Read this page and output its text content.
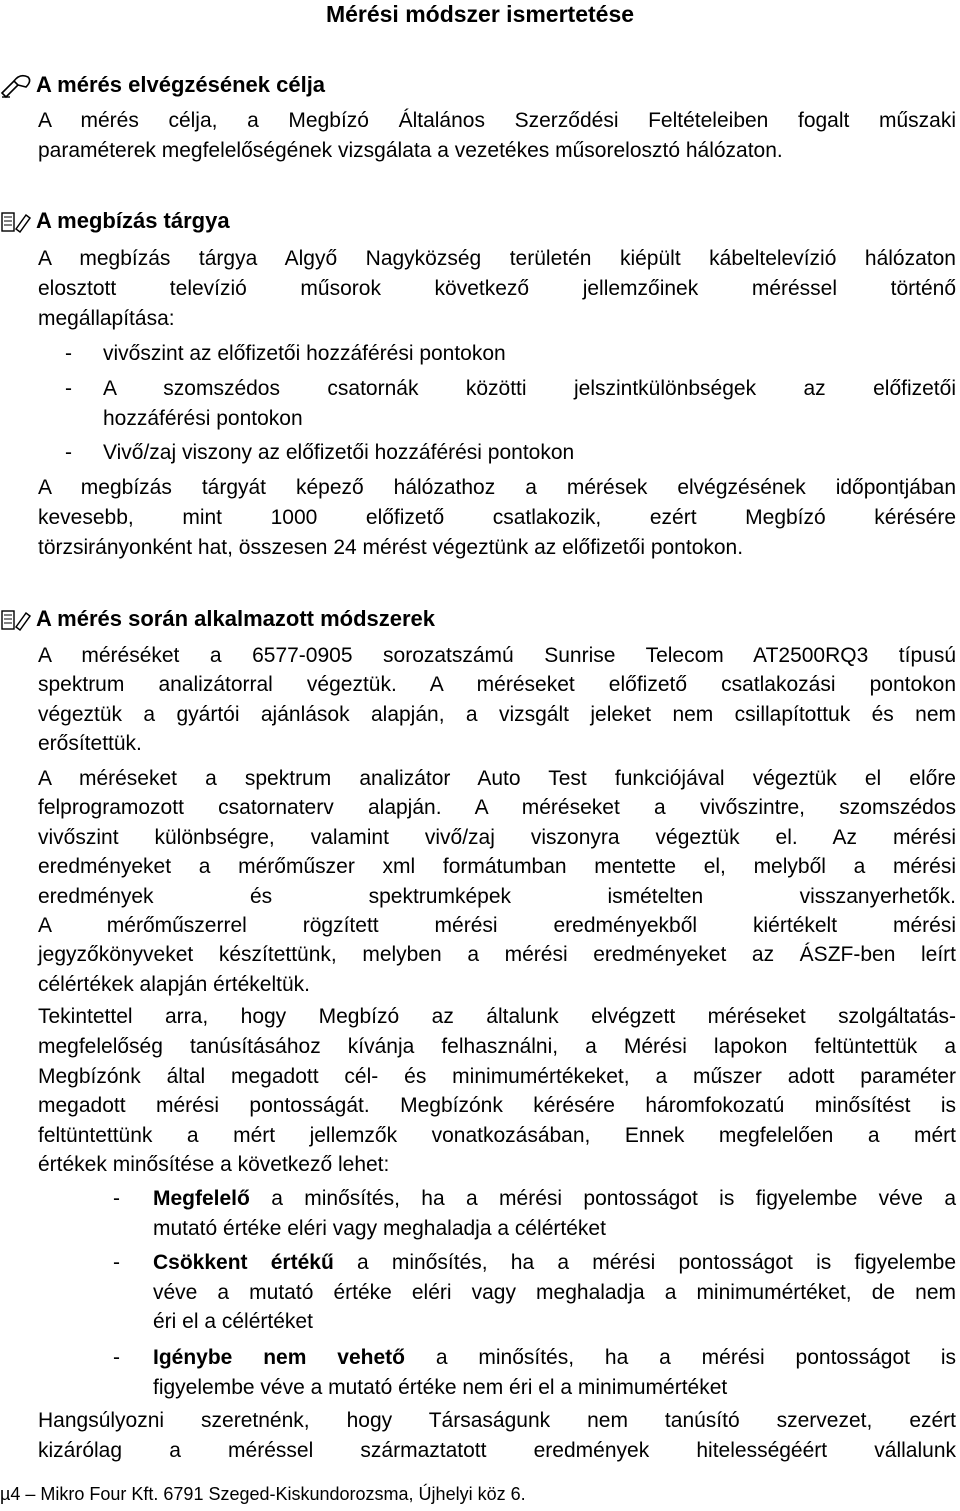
Mérési módszer ismertetése
A mérés elvégzésének célja
A mérés célja, a Megbízó Általános Szerződési Feltételeiben fogalt műszaki
paraméterek megfelelőségének vizsgálata a vezetékes műsorelosztó hálózaton.
A megbízás tárgya
A megbízás tárgya Algyő Nagyközség területén kiépült kábeltelevízió hálózaton
elosztott televízió műsorok következő jellemzőinek méréssel történő
megállapítása:
- vivőszint az előfizetői hozzáférési pontokon
- A szomszédos csatornák közötti jelszintkülönbségek az előfizetői
hozzáférési pontokon
- Vivő/zaj viszony az előfizetői hozzáférési pontokon
A megbízás tárgyát képező hálózathoz a mérések elvégzésének időpontjában
kevesebb, mint 1000 előfizető csatlakozik, ezért Megbízó kérésére
törzsirányonként hat, összesen 24 mérést végeztünk az előfizetői pontokon.
A mérés során alkalmazott módszerek
A méréséket a 6577-0905 sorozatszámú Sunrise Telecom AT2500RQ3 típusú
spektrum analizátorral végeztük. A méréseket előfizető csatlakozási pontokon
végeztük a gyártói ajánlások alapján, a vizsgált jeleket nem csillapítottuk és nem
erősítettük.
A méréseket a spektrum analizátor Auto Test funkciójával végeztük el előre
felprogramozott csatornaterv alapján. A méréseket a vivőszintre, szomszédos
vivőszint különbségre, valamint vivő/zaj viszonyra végeztük el. Az mérési
eredményeket a mérőműszer xml formátumban mentette el, melyből a mérési
eredmények és spektrumképek ismételten visszanyerhetők.
A mérőműszerrel rögzített mérési eredményekből kiértékelt mérési
jegyzőkönyveket készítettünk, melyben a mérési eredményeket az ÁSZF-ben leírt
célértékek alapján értékeltük.
Tekintettel arra, hogy Megbízó az általunk elvégzett méréseket szolgáltatás-
megfelelőség tanúsításához kívánja felhasználni, a Mérési lapokon feltüntettük a
Megbízónk által megadott cél- és minimumértékeket, a műszer adott paraméter
megadott mérési pontosságát. Megbízónk kérésére háromfokozatú minősítést is
feltüntettünk a mért jellemzők vonatkozásában, Ennek megfelelően a mért
értékek minősítése a következő lehet:
- Megfelelő a minősítés, ha a mérési pontosságot is figyelembe véve a
mutató értéke eléri vagy meghaladja a célértéket
- Csökkent értékű a minősítés, ha a mérési pontosságot is figyelembe
véve a mutató értéke eléri vagy meghaladja a minimumértéket, de nem
éri el a célértéket
- Igénybe nem vehető a minősítés, ha a mérési pontosságot is
figyelembe véve a mutató értéke nem éri el a minimumértéket
Hangsúlyozni szeretnénk, hogy Társaságunk nem tanúsító szervezet, ezért
kizárólag a méréssel származtatott eredmények hitelességéért vállalunk
µ4 – Mikro Four Kft. 6791 Szeged-Kiskundorozsma, Újhelyi köz 6.
